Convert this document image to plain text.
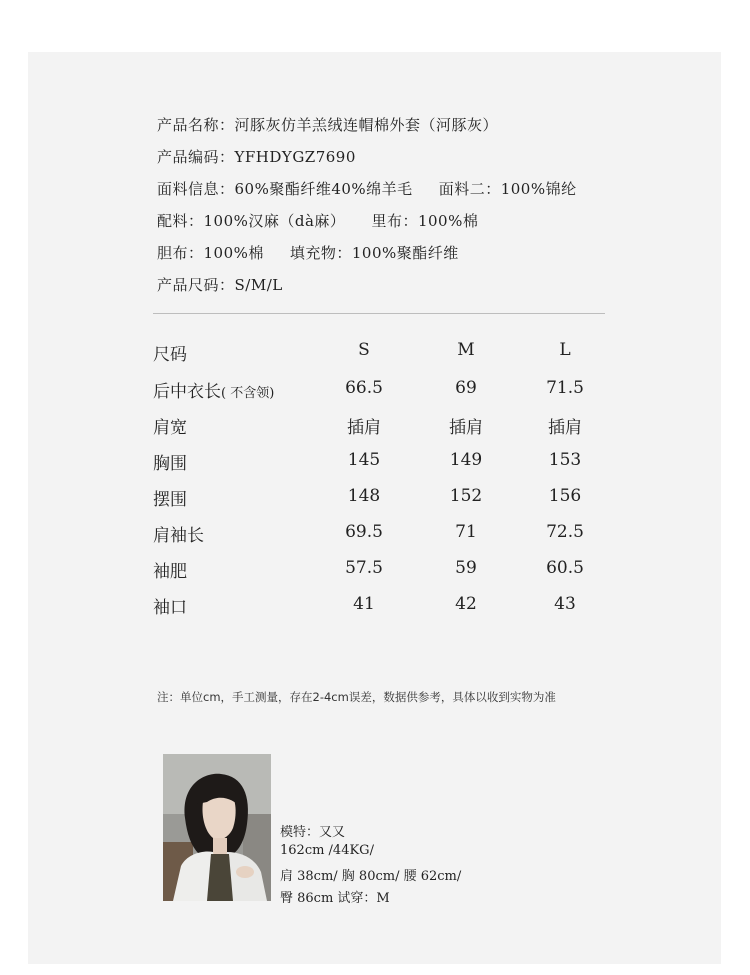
产品名称：河豚灰仿羊羔绒连帽棉外套（河豚灰）
产品编码：YFHDYGZ7690
面料信息：60%聚酯纤维40%绵羊毛 面料二：100%锦纶
配料：100%汉麻（dà麻） 里布：100%棉
胆布：100%棉 填充物：100%聚酯纤维
产品尺码：S/M/L
尺码	S	M	L
后中衣长( 不含领)	66.5	69	71.5
肩宽	插肩	插肩	插肩
胸围	145	149	153
摆围	148	152	156
肩袖长	69.5	71	72.5
袖肥	57.5	59	60.5
袖口	41	42	43
注：单位cm，手工测量，存在2-4cm误差，数据供参考，具体以收到实物为准
模特：又又
162cm /44KG/
肩 38cm/ 胸 80cm/ 腰 62cm/
臀 86cm 试穿：M
